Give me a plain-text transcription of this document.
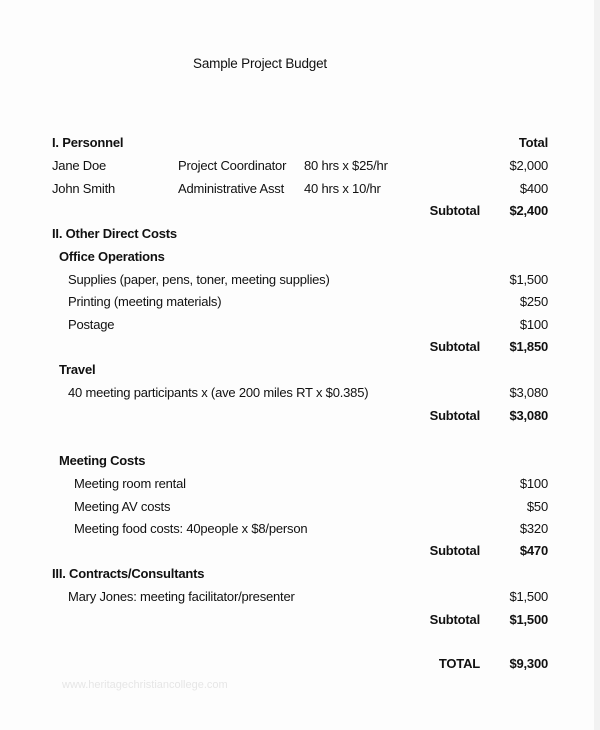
Sample Project Budget
I. Personnel	Total
Jane Doe	Project Coordinator 80 hrs x $25/hr	$2,000
John Smith	Administrative Asst 40 hrs x 10/hr	$400
Subtotal $2,400
II. Other Direct Costs
Office Operations
Supplies (paper, pens, toner, meeting supplies)	$1,500
Printing (meeting materials)	$250
Postage	$100
Subtotal $1,850
Travel
40 meeting participants x (ave 200 miles RT x $0.385)	$3,080
Subtotal $3,080
Meeting Costs
Meeting room rental	$100
Meeting AV costs	$50
Meeting food costs: 40people x $8/person	$320
Subtotal	$470
III. Contracts/Consultants
Mary Jones: meeting facilitator/presenter	$1,500
Subtotal $1,500
TOTAL $9,300
www.heritagechristiancollege.com
